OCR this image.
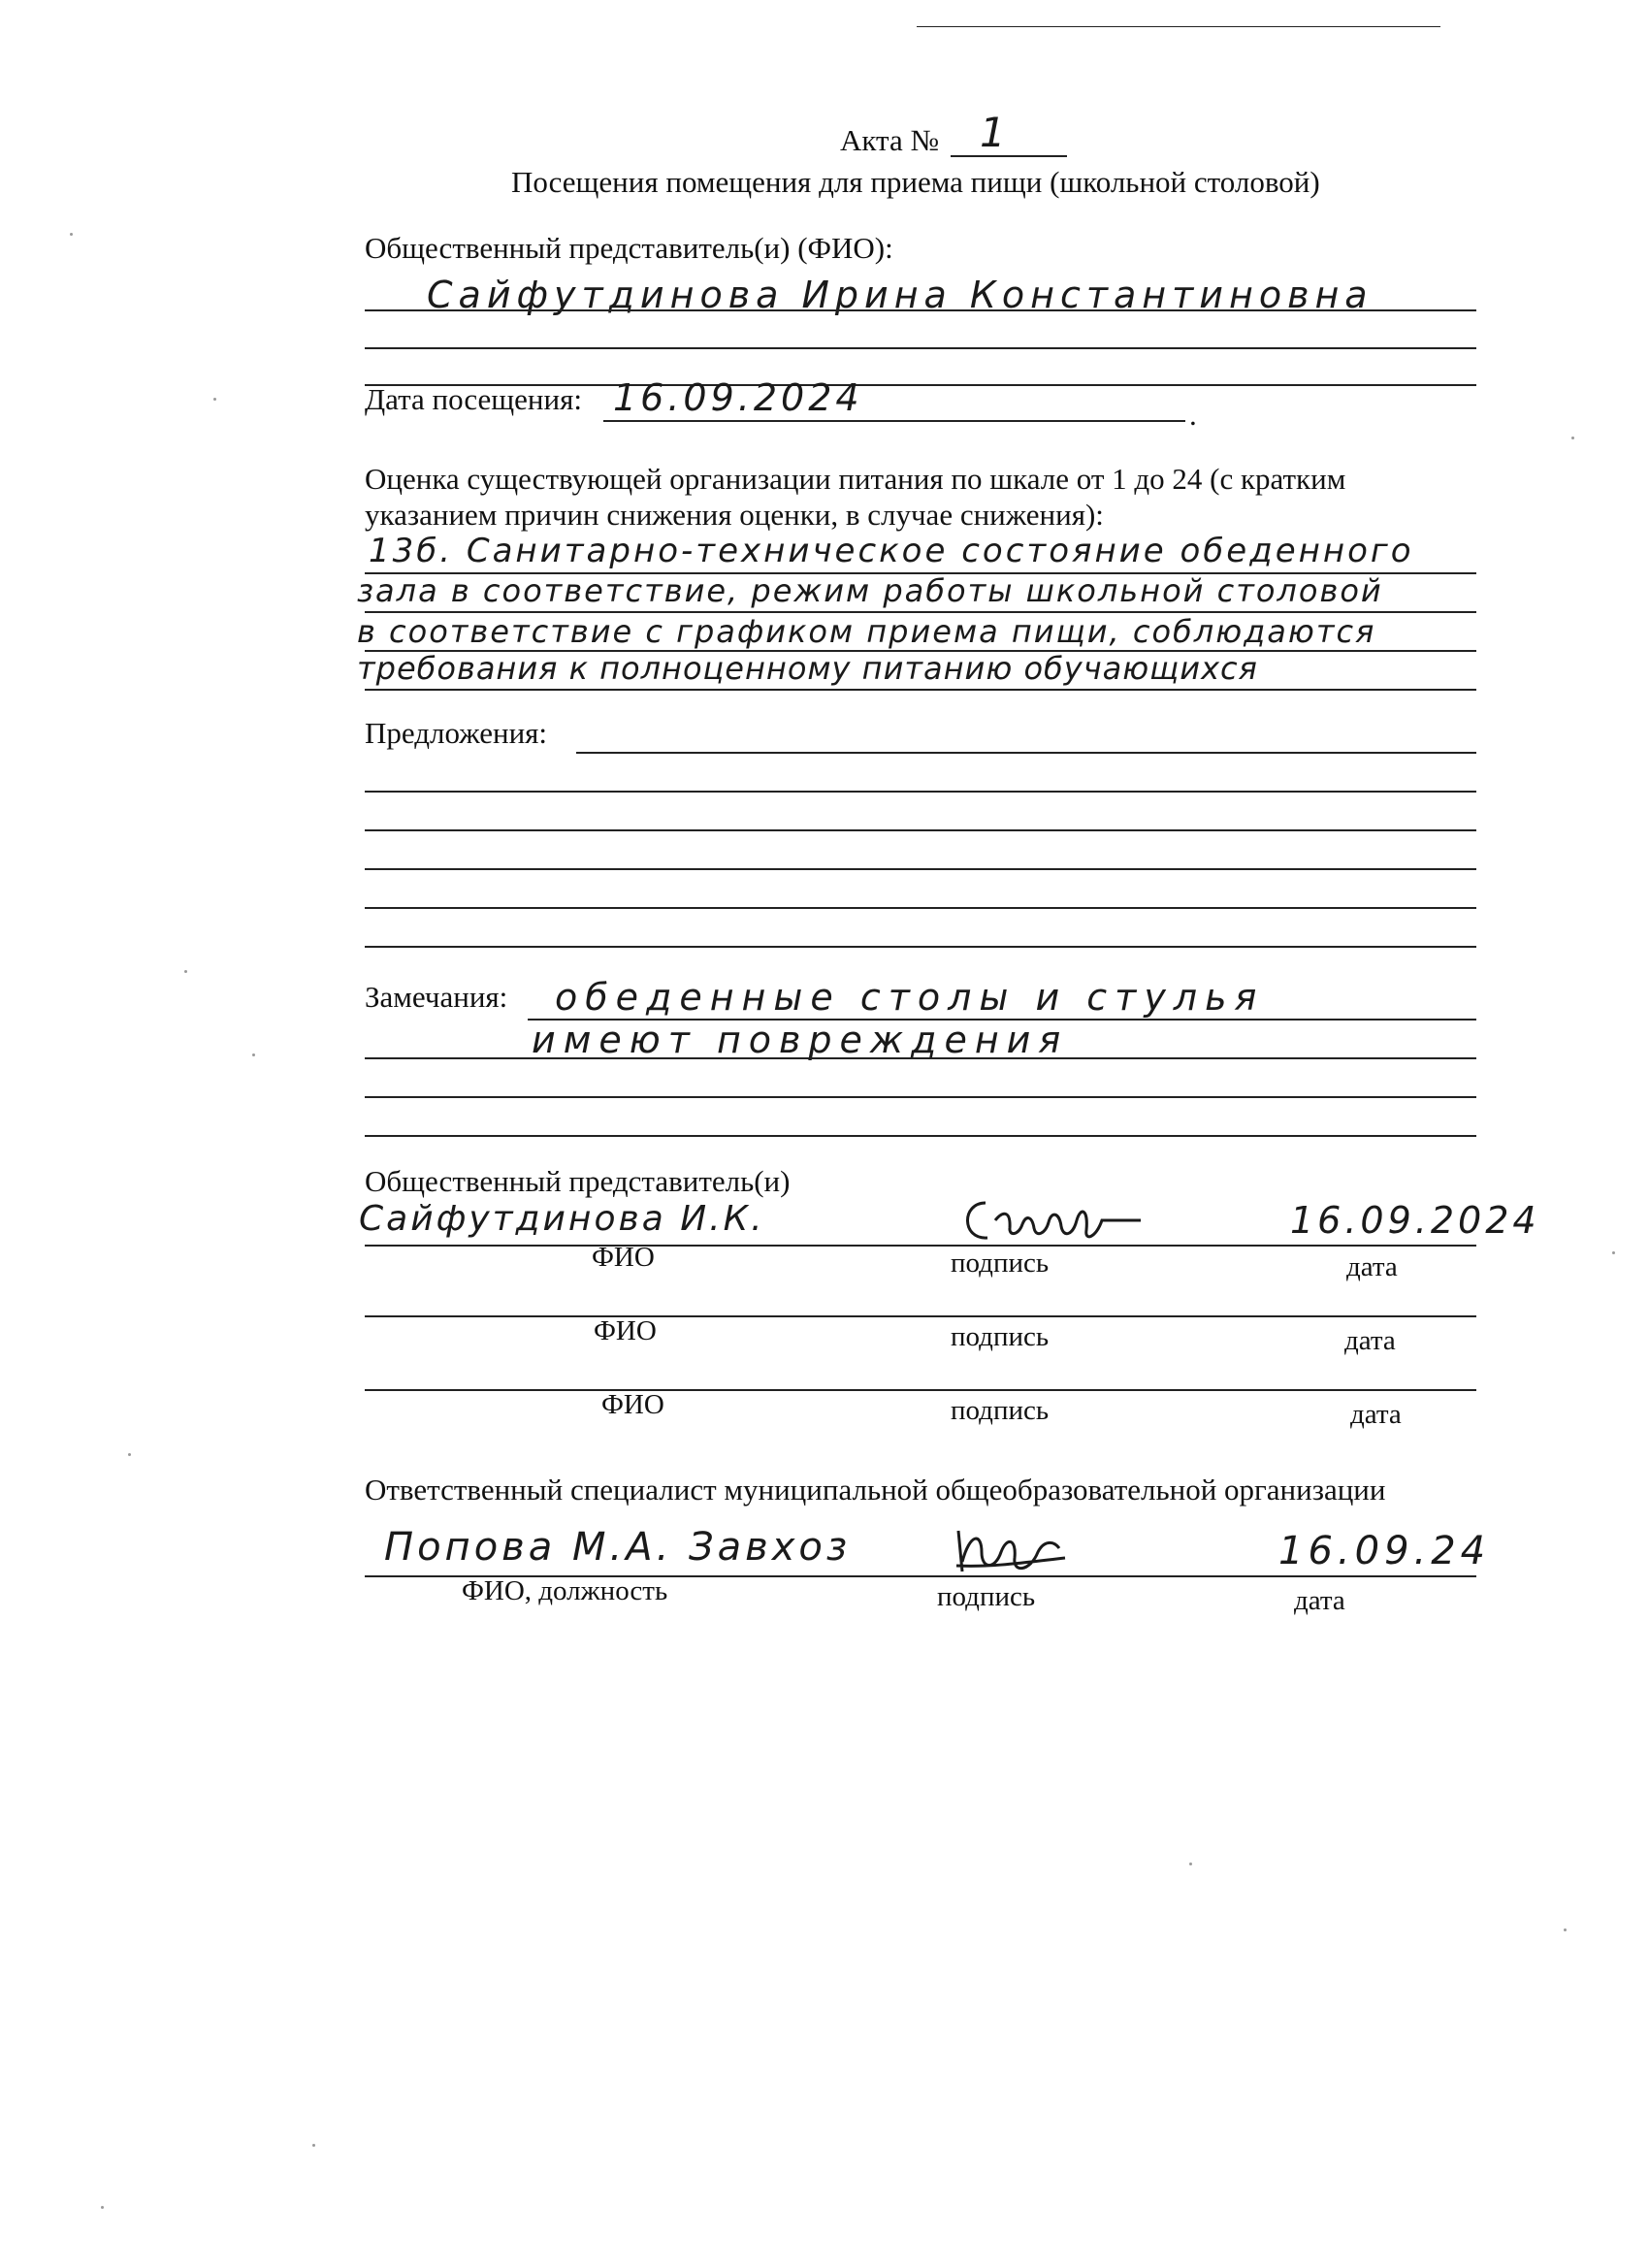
Акта № 1
Посещения помещения для приема пищи (школьной столовой)
Общественный представитель(и) (ФИО):
Сайфутдинова Ирина Константиновна
Дата посещения: 16.09.2024	.
Оценка существующей организации питания по шкале от 1 до 24 (с кратким
указанием причин снижения оценки, в случае снижения):
13б. Санитарно-техническое состояние обеденного
зала в соответствие, режим работы школьной столовой
в соответствие с графиком приема пищи, соблюдаются
требования к полноценному питанию обучающихся
Предложения:
Замечания: обеденные столы и стулья
имеют повреждения
Общественный представитель(и)
Сайфутдинова И.К.	16.09.2024
ФИО	подпись	дата
ФИО	подпись	дата
ФИО	подпись	дата
Ответственный специалист муниципальной общеобразовательной организации
Попова М.А. Завхоз	16.09.24
ФИО, должность	подпись	дата
